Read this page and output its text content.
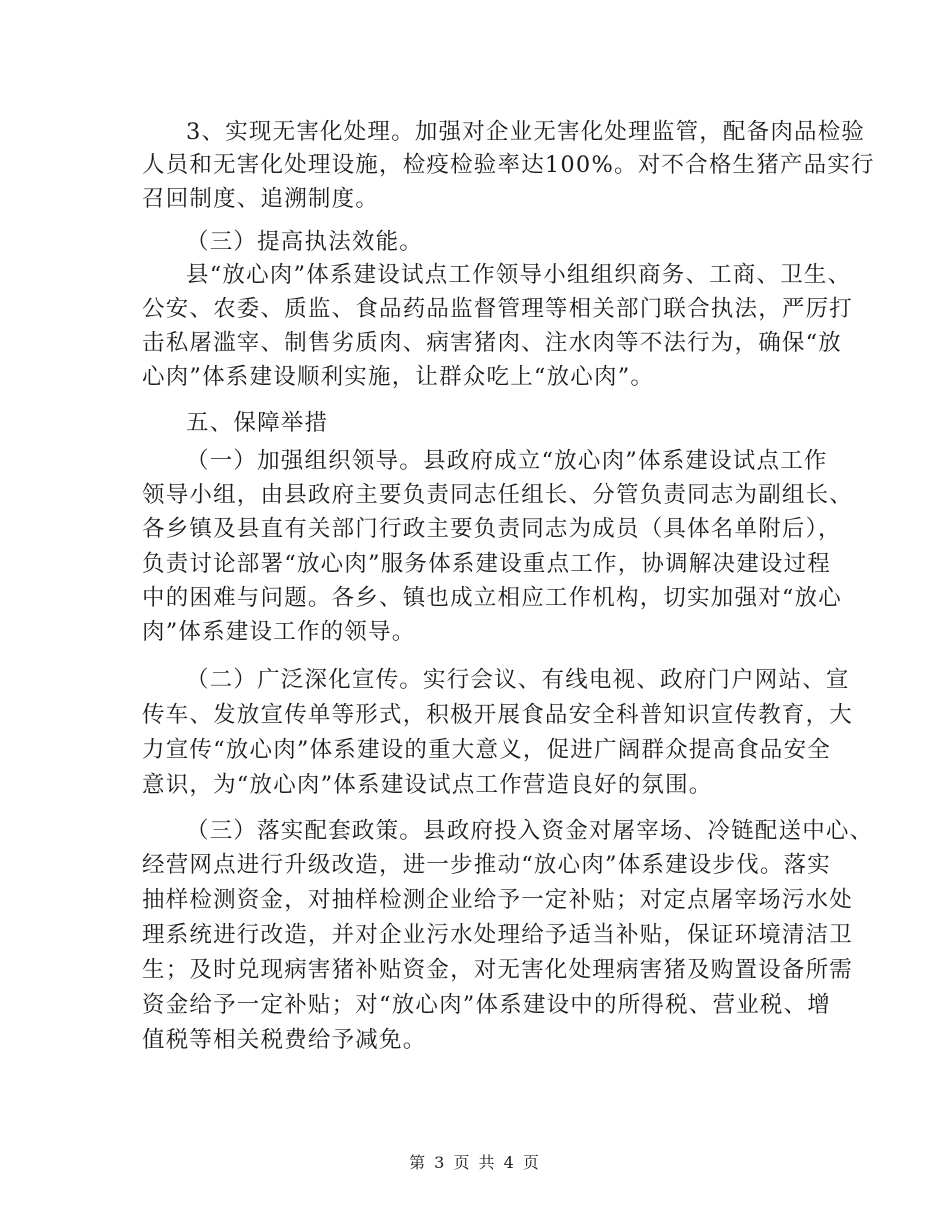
3、实现无害化处理。加强对企业无害化处理监管，配备肉品检验
人员和无害化处理设施，检疫检验率达100%。对不合格生猪产品实行
召回制度、追溯制度。
（三）提高执法效能。
县“放心肉”体系建设试点工作领导小组组织商务、工商、卫生、
公安、农委、质监、食品药品监督管理等相关部门联合执法，严厉打
击私屠滥宰、制售劣质肉、病害猪肉、注水肉等不法行为，确保“放
心肉”体系建设顺利实施，让群众吃上“放心肉”。
五、保障举措
（一）加强组织领导。县政府成立“放心肉”体系建设试点工作
领导小组，由县政府主要负责同志任组长、分管负责同志为副组长、
各乡镇及县直有关部门行政主要负责同志为成员（具体名单附后），
负责讨论部署“放心肉”服务体系建设重点工作，协调解决建设过程
中的困难与问题。各乡、镇也成立相应工作机构，切实加强对“放心
肉”体系建设工作的领导。
（二）广泛深化宣传。实行会议、有线电视、政府门户网站、宣
传车、发放宣传单等形式，积极开展食品安全科普知识宣传教育，大
力宣传“放心肉”体系建设的重大意义，促进广阔群众提高食品安全
意识，为“放心肉”体系建设试点工作营造良好的氛围。
（三）落实配套政策。县政府投入资金对屠宰场、冷链配送中心、
经营网点进行升级改造，进一步推动“放心肉”体系建设步伐。落实
抽样检测资金，对抽样检测企业给予一定补贴；对定点屠宰场污水处
理系统进行改造，并对企业污水处理给予适当补贴，保证环境清洁卫
生；及时兑现病害猪补贴资金，对无害化处理病害猪及购置设备所需
资金给予一定补贴；对“放心肉”体系建设中的所得税、营业税、增
值税等相关税费给予减免。
第 3 页 共 4 页
